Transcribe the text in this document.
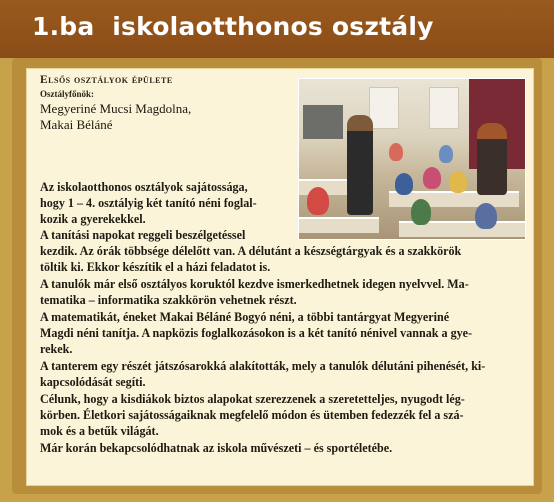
1.ba  iskolaotthonos osztály

Elsős osztályok épülete

Osztályfőnök:
Megyeriné Mucsi Magdolna,
Makai Béláné
Az iskolaotthonos osztályok sajátossága,
hogy 1 – 4. osztályig két tanító néni foglal-
kozik a gyerekekkel.
A tanítási napokat reggeli beszélgetéssel
kezdik. Az órák többsége délelőtt van. A délutánt a készségtárgyak és a szakkörök
töltik ki. Ekkor készítik el a házi feladatot is.
A tanulók már első osztályos koruktól kezdve ismerkedhetnek idegen nyelvvel. Ma-
tematika – informatika szakkörön vehetnek részt.
A matematikát, éneket Makai Béláné Bogyó néni, a többi tantárgyat Megyeriné
Magdi néni tanítja. A napközis foglalkozásokon is a két tanító nénivel vannak a gye-
rekek.
A tanterem egy részét játszósarokká alakították, mely a tanulók délutáni pihenését, ki-
kapcsolódását segíti.
Célunk, hogy a kisdiákok biztos alapokat szerezzenek a szeretetteljes, nyugodt lég-
körben. Életkori sajátosságaiknak megfelelő módon és ütemben fedezzék fel a szá-
mok és a betűk világát.
Már korán bekapcsolódhatnak az iskola művészeti – és sportéletébe.
